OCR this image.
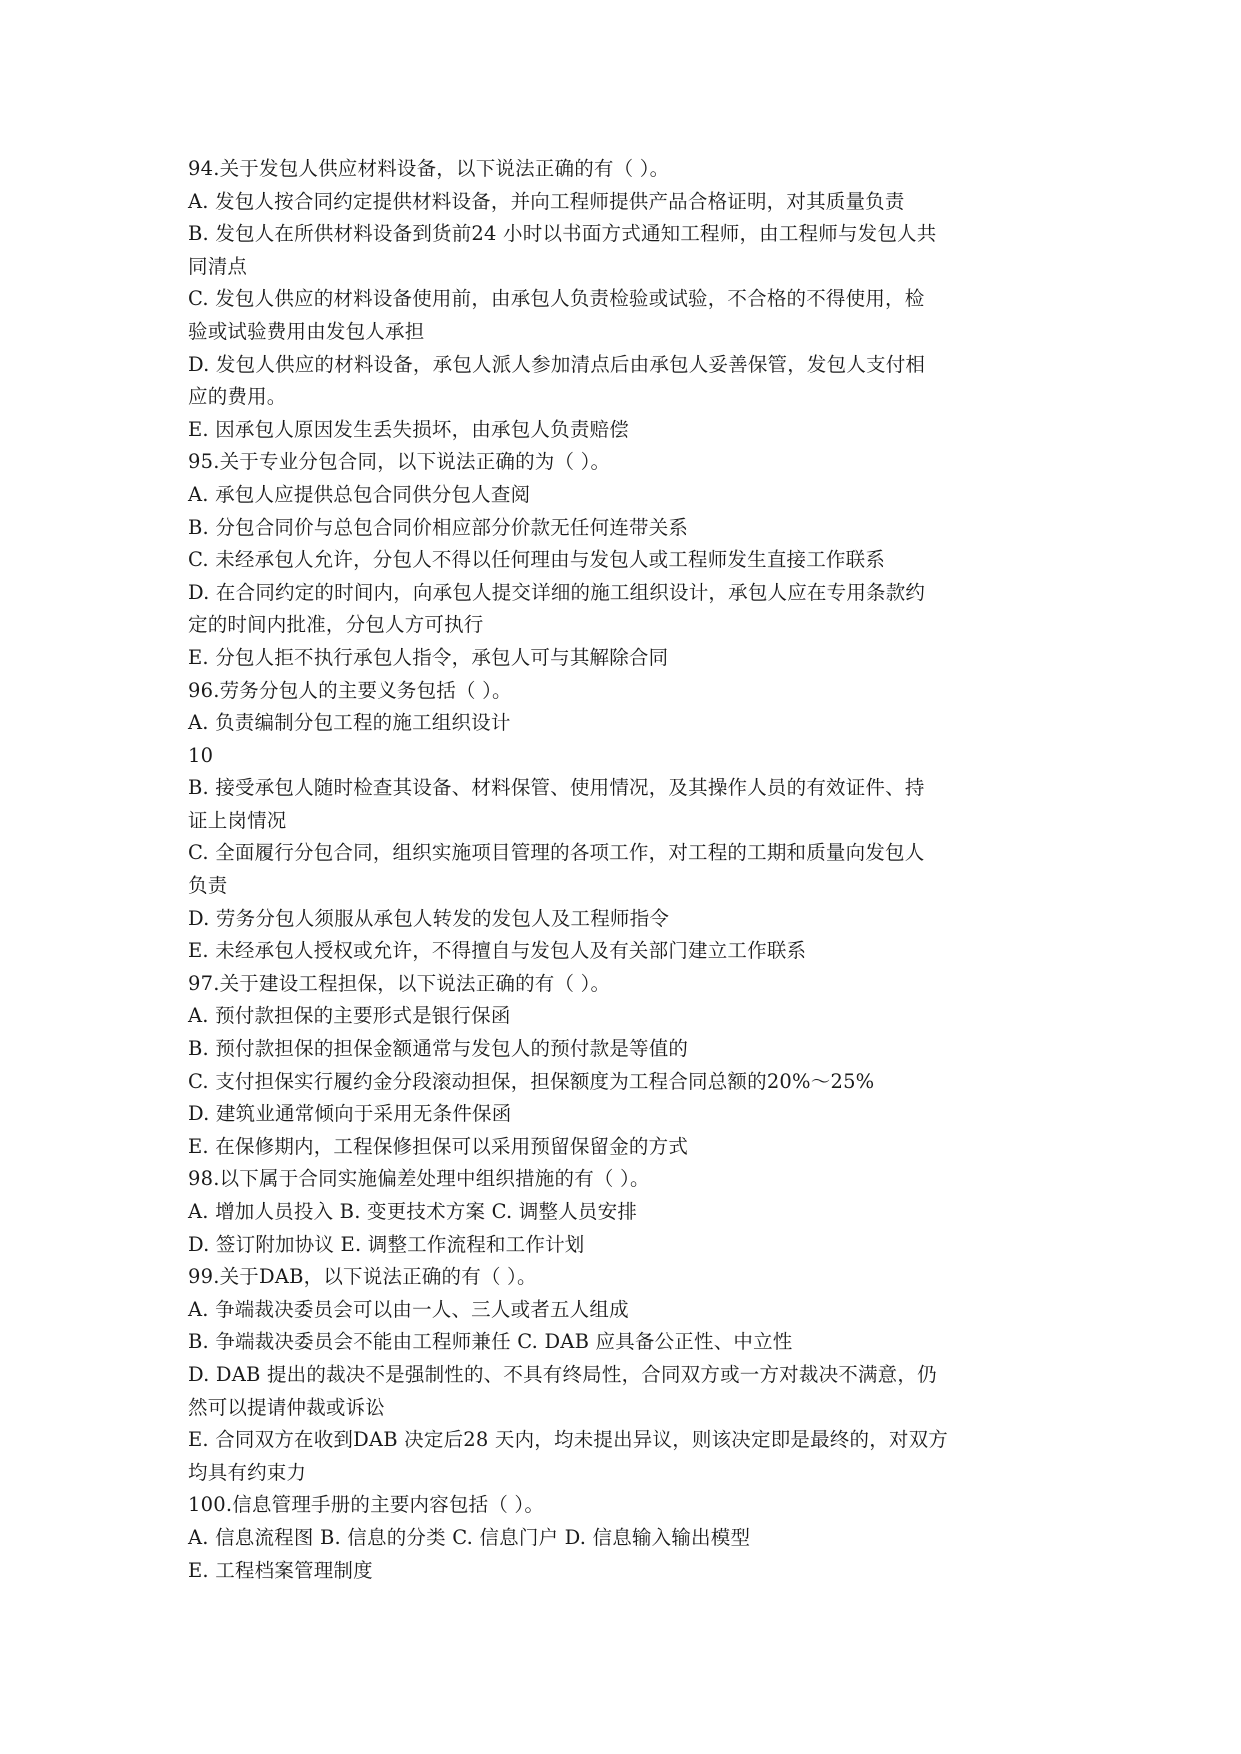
94.关于发包人供应材料设备，以下说法正确的有（ ）。
A. 发包人按合同约定提供材料设备，并向工程师提供产品合格证明，对其质量负责
B. 发包人在所供材料设备到货前24 小时以书面方式通知工程师，由工程师与发包人共
同清点
C. 发包人供应的材料设备使用前，由承包人负责检验或试验，不合格的不得使用，检
验或试验费用由发包人承担
D. 发包人供应的材料设备，承包人派人参加清点后由承包人妥善保管，发包人支付相
应的费用。
E. 因承包人原因发生丢失损坏，由承包人负责赔偿
95.关于专业分包合同，以下说法正确的为（ ）。
A. 承包人应提供总包合同供分包人查阅
B. 分包合同价与总包合同价相应部分价款无任何连带关系
C. 未经承包人允许，分包人不得以任何理由与发包人或工程师发生直接工作联系
D. 在合同约定的时间内，向承包人提交详细的施工组织设计，承包人应在专用条款约
定的时间内批准，分包人方可执行
E. 分包人拒不执行承包人指令，承包人可与其解除合同
96.劳务分包人的主要义务包括（ ）。
A. 负责编制分包工程的施工组织设计
10
B. 接受承包人随时检查其设备、材料保管、使用情况，及其操作人员的有效证件、持
证上岗情况
C. 全面履行分包合同，组织实施项目管理的各项工作，对工程的工期和质量向发包人
负责
D. 劳务分包人须服从承包人转发的发包人及工程师指令
E. 未经承包人授权或允许，不得擅自与发包人及有关部门建立工作联系
97.关于建设工程担保，以下说法正确的有（ ）。
A. 预付款担保的主要形式是银行保函
B. 预付款担保的担保金额通常与发包人的预付款是等值的
C. 支付担保实行履约金分段滚动担保，担保额度为工程合同总额的20%～25%
D. 建筑业通常倾向于采用无条件保函
E. 在保修期内，工程保修担保可以采用预留保留金的方式
98.以下属于合同实施偏差处理中组织措施的有（ ）。
A. 增加人员投入 B. 变更技术方案 C. 调整人员安排
D. 签订附加协议 E. 调整工作流程和工作计划
99.关于DAB，以下说法正确的有（ ）。
A. 争端裁决委员会可以由一人、三人或者五人组成
B. 争端裁决委员会不能由工程师兼任 C. DAB 应具备公正性、中立性
D. DAB 提出的裁决不是强制性的、不具有终局性，合同双方或一方对裁决不满意，仍
然可以提请仲裁或诉讼
E. 合同双方在收到DAB 决定后28 天内，均未提出异议，则该决定即是最终的，对双方
均具有约束力
100.信息管理手册的主要内容包括（ ）。
A. 信息流程图 B. 信息的分类 C. 信息门户 D. 信息输入输出模型
E. 工程档案管理制度
